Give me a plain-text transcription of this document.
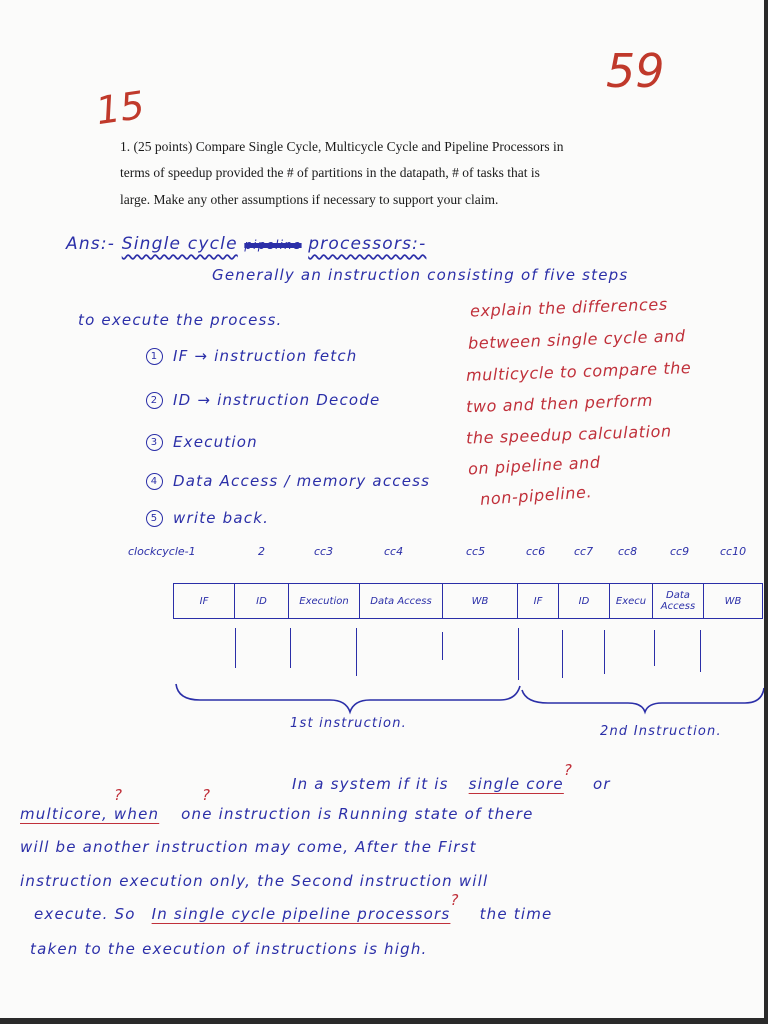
59
15
1. (25 points) Compare Single Cycle, Multicycle Cycle and Pipeline Processors in
terms of speedup provided the # of partitions in the datapath, # of tasks that is
large. Make any other assumptions if necessary to support your claim.
Ans:- Single cycle pipeline processors:-
Generally an instruction consisting of five steps
to execute the process.
1 IF → instruction fetch
2 ID → instruction Decode
3 Execution
4 Data Access / memory access
5 write back.
explain the differences
between single cycle and
multicycle to compare the
two and then perform
the speedup calculation
on pipeline and
non-pipeline.
clockcycle-1	2	cc3	cc4	cc5	cc6	cc7 cc8	cc9	cc10
IF	ID	Execution	Data Access	WB	IF	ID	Execu	Data Access	WB
1st instruction.
2nd Instruction.
In a system if it is single core? or
multicore, when one instruction is Running state of there
?	?
will be another instruction may come, After the First
instruction execution only, the Second instruction will
execute. So In single cycle pipeline processors? the time
taken to the execution of instructions is high.
